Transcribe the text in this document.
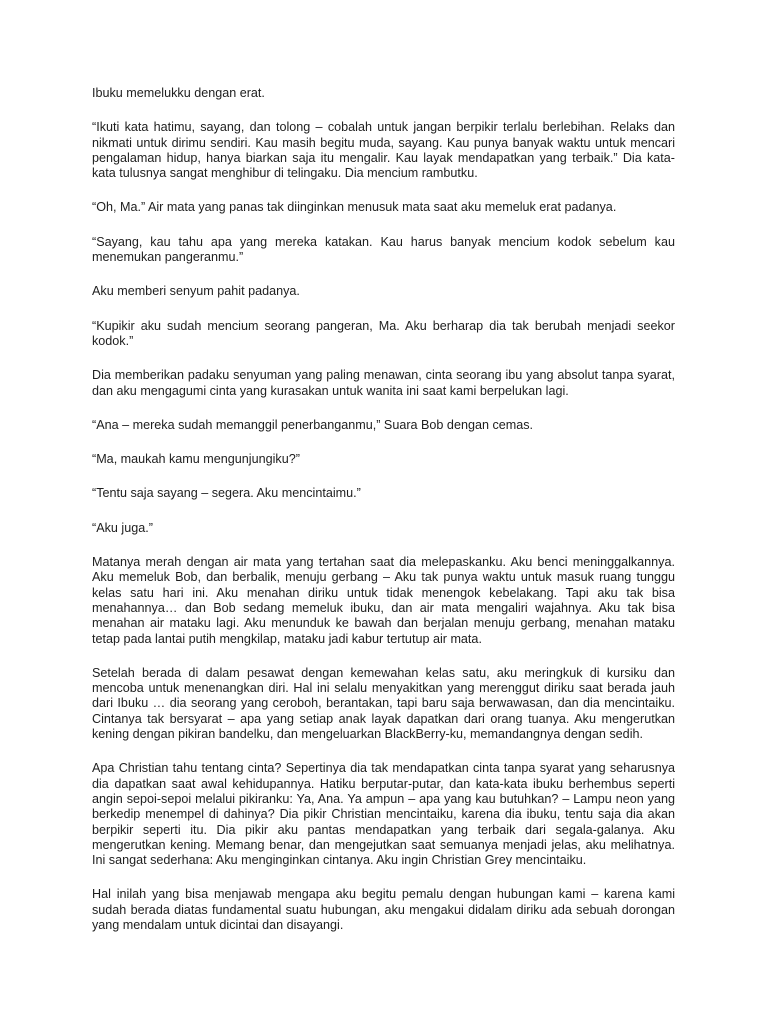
Ibuku memelukku dengan erat.

“Ikuti kata hatimu, sayang, dan tolong – cobalah untuk jangan berpikir terlalu berlebihan. Relaks dan nikmati untuk dirimu sendiri. Kau masih begitu muda, sayang. Kau punya banyak waktu untuk mencari pengalaman hidup, hanya biarkan saja itu mengalir. Kau layak mendapatkan yang terbaik.” Dia kata-kata tulusnya sangat menghibur di telingaku. Dia mencium rambutku.

“Oh, Ma.” Air mata yang panas tak diinginkan menusuk mata saat aku memeluk erat padanya.

“Sayang, kau tahu apa yang mereka katakan. Kau harus banyak mencium kodok sebelum kau menemukan pangeranmu.”

Aku memberi senyum pahit padanya.

“Kupikir aku sudah mencium seorang pangeran, Ma. Aku berharap dia tak berubah menjadi seekor kodok.”

Dia memberikan padaku senyuman yang paling menawan, cinta seorang ibu yang absolut tanpa syarat, dan aku mengagumi cinta yang kurasakan untuk wanita ini saat kami berpelukan lagi.

“Ana – mereka sudah memanggil penerbanganmu,” Suara Bob dengan cemas.

“Ma, maukah kamu mengunjungiku?”

“Tentu saja sayang – segera. Aku mencintaimu.”

“Aku juga.”

Matanya merah dengan air mata yang tertahan saat dia melepaskanku. Aku benci meninggalkannya. Aku memeluk Bob, dan berbalik, menuju gerbang – Aku tak punya waktu untuk masuk ruang tunggu kelas satu hari ini. Aku menahan diriku untuk tidak menengok kebelakang. Tapi aku tak bisa menahannya… dan Bob sedang memeluk ibuku, dan air mata mengaliri wajahnya. Aku tak bisa menahan air mataku lagi. Aku menunduk ke bawah dan berjalan menuju gerbang, menahan mataku tetap pada lantai putih mengkilap, mataku jadi kabur tertutup air mata.

Setelah berada di dalam pesawat dengan kemewahan kelas satu, aku meringkuk di kursiku dan mencoba untuk menenangkan diri. Hal ini selalu menyakitkan yang merenggut diriku saat berada jauh dari Ibuku … dia seorang yang ceroboh, berantakan, tapi baru saja berwawasan, dan dia mencintaiku. Cintanya tak bersyarat – apa yang setiap anak layak dapatkan dari orang tuanya. Aku mengerutkan kening dengan pikiran bandelku, dan mengeluarkan BlackBerry-ku, memandangnya dengan sedih.

Apa Christian tahu tentang cinta? Sepertinya dia tak mendapatkan cinta tanpa syarat yang seharusnya dia dapatkan saat awal kehidupannya. Hatiku berputar-putar, dan kata-kata ibuku berhembus seperti angin sepoi-sepoi melalui pikiranku: Ya, Ana. Ya ampun – apa yang kau butuhkan? – Lampu neon yang berkedip menempel di dahinya? Dia pikir Christian mencintaiku, karena dia ibuku, tentu saja dia akan berpikir seperti itu. Dia pikir aku pantas mendapatkan yang terbaik dari segala-galanya. Aku mengerutkan kening. Memang benar, dan mengejutkan saat semuanya menjadi jelas, aku melihatnya. Ini sangat sederhana: Aku menginginkan cintanya. Aku ingin Christian Grey mencintaiku.

Hal inilah yang bisa menjawab mengapa aku begitu pemalu dengan hubungan kami – karena kami sudah berada diatas fundamental suatu hubungan, aku mengakui didalam diriku ada sebuah dorongan yang mendalam untuk dicintai dan disayangi.
